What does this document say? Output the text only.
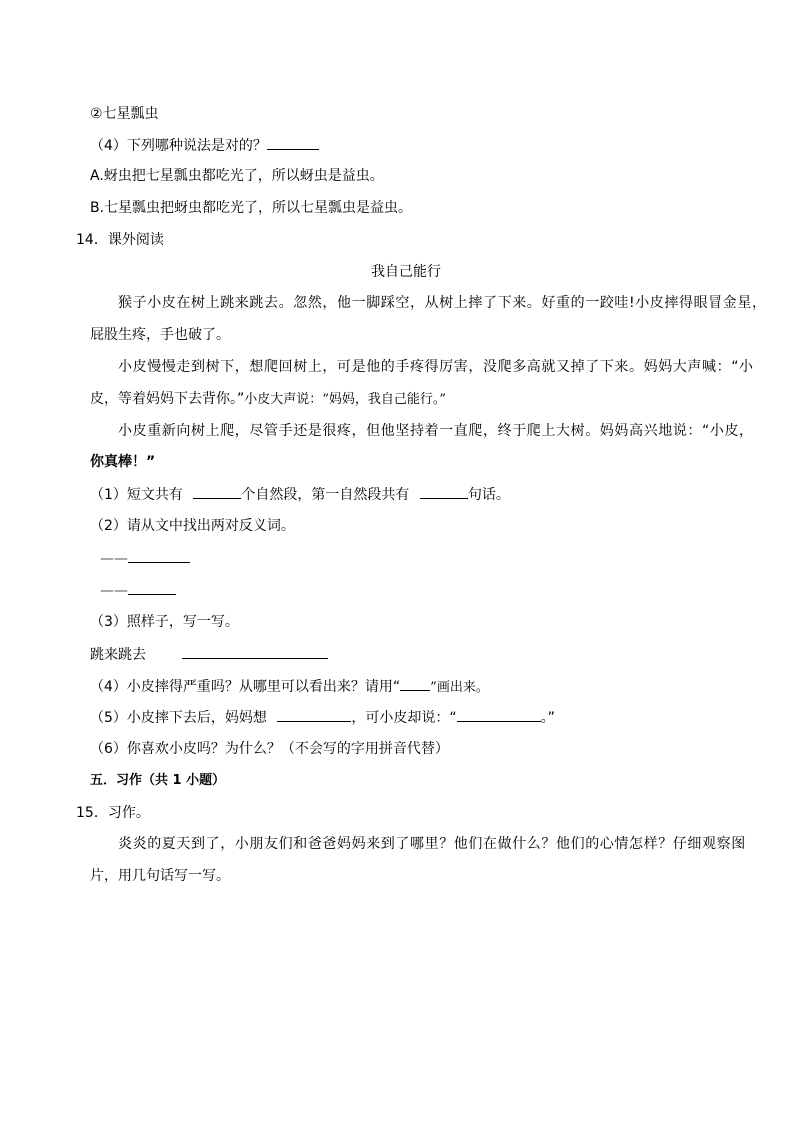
②七星瓢虫
（4）下列哪种说法是对的？
A.蚜虫把七星瓢虫都吃光了，所以蚜虫是益虫。
B.七星瓢虫把蚜虫都吃光了，所以七星瓢虫是益虫。
14．课外阅读
我自己能行
猴子小皮在树上跳来跳去。忽然，他一脚踩空，从树上摔了下来。好重的一跤哇!小皮摔得眼冒金星，
屁股生疼，手也破了。
小皮慢慢走到树下，想爬回树上，可是他的手疼得厉害，没爬多高就又掉了下来。妈妈大声喊：“小
皮，等着妈妈下去背你。”小皮大声说：“妈妈，我自己能行。”
小皮重新向树上爬，尽管手还是很疼，但他坚持着一直爬，终于爬上大树。妈妈高兴地说：“小皮，
你真棒！”
（1）短文共有	个自然段，第一自然段共有	句话。
（2）请从文中找出两对反义词。
——
——
（3）照样子，写一写。
跳来跳去
（4）小皮摔得严重吗？从哪里可以看出来？请用“ ”画出来。
（5）小皮摔下去后，妈妈想	，可小皮却说：“	。”
（6）你喜欢小皮吗？为什么？（不会写的字用拼音代替）
五．习作（共 1 小题）
15．习作。
炎炎的夏天到了，小朋友们和爸爸妈妈来到了哪里？他们在做什么？他们的心情怎样？仔细观察图
片，用几句话写一写。
